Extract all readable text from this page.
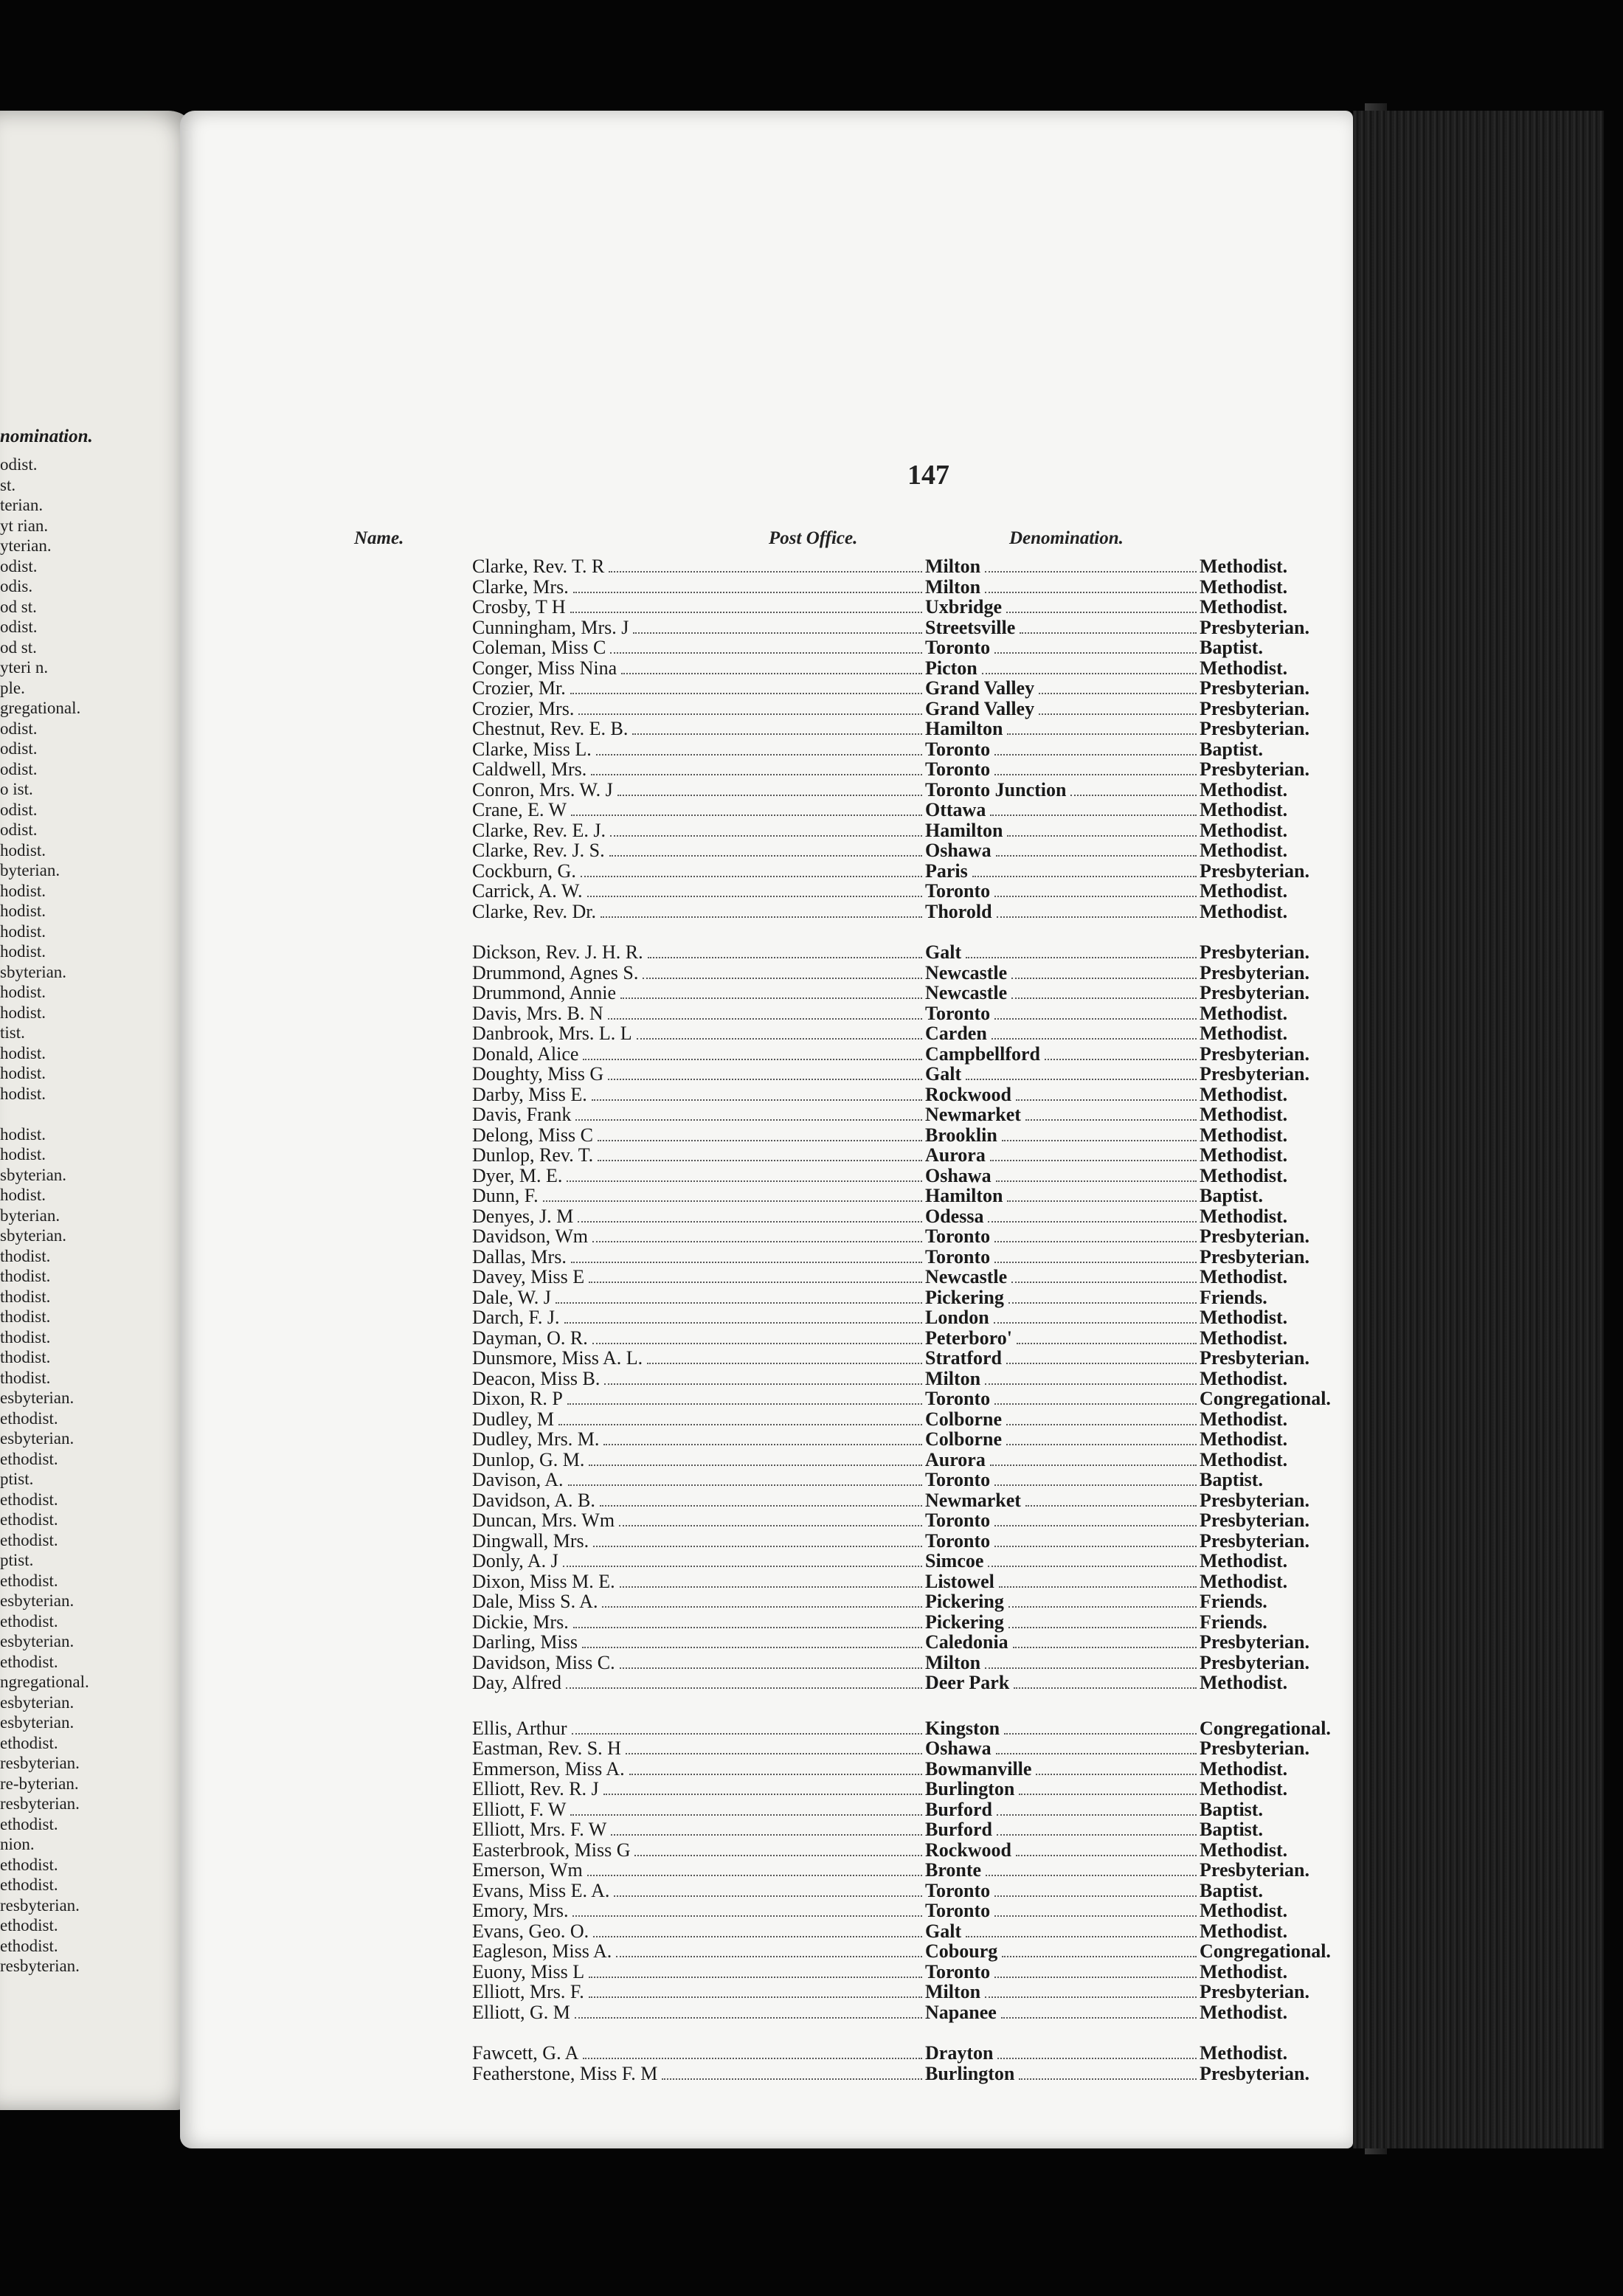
nomination.
odist.
st.
terian.
yt rian.
yterian.
odist.
odis.
od st.
odist.
od st.
yteri n.
ple.
gregational.
odist.
odist.
odist.
o ist.
odist.
odist.
hodist.
byterian.
hodist.
hodist.
hodist.
hodist.
sbyterian.
hodist.
hodist.
tist.
hodist.
hodist.
hodist.
hodist.
hodist.
sbyterian.
hodist.
byterian.
sbyterian.
thodist.
thodist.
thodist.
thodist.
thodist.
thodist.
thodist.
esbyterian.
ethodist.
esbyterian.
ethodist.
ptist.
ethodist.
ethodist.
ethodist.
ptist.
ethodist.
esbyterian.
ethodist.
esbyterian.
ethodist.
ngregational.
esbyterian.
esbyterian.
ethodist.
resbyterian.
re-byterian.
resbyterian.
ethodist.
nion.
ethodist.
ethodist.
resbyterian.
ethodist.
ethodist.
resbyterian.
147
Name.	Post Office.	Denomination.
Clarke, Rev. T. R	Milton	Methodist.
Clarke, Mrs.	Milton	Methodist.
Crosby, T H	Uxbridge	Methodist.
Cunningham, Mrs. J	Streetsville	Presbyterian.
Coleman, Miss C	Toronto	Baptist.
Conger, Miss Nina	Picton	Methodist.
Crozier, Mr.	Grand Valley	Presbyterian.
Crozier, Mrs.	Grand Valley	Presbyterian.
Chestnut, Rev. E. B.	Hamilton	Presbyterian.
Clarke, Miss L.	Toronto	Baptist.
Caldwell, Mrs.	Toronto	Presbyterian.
Conron, Mrs. W. J	Toronto Junction	Methodist.
Crane, E. W	Ottawa	Methodist.
Clarke, Rev. E. J.	Hamilton	Methodist.
Clarke, Rev. J. S.	Oshawa	Methodist.
Cockburn, G.	Paris	Presbyterian.
Carrick, A. W.	Toronto	Methodist.
Clarke, Rev. Dr.	Thorold	Methodist.
Dickson, Rev. J. H. R.	Galt	Presbyterian.
Drummond, Agnes S.	Newcastle	Presbyterian.
Drummond, Annie	Newcastle	Presbyterian.
Davis, Mrs. B. N	Toronto	Methodist.
Danbrook, Mrs. L. L	Carden	Methodist.
Donald, Alice	Campbellford	Presbyterian.
Doughty, Miss G	Galt	Presbyterian.
Darby, Miss E.	Rockwood	Methodist.
Davis, Frank	Newmarket	Methodist.
Delong, Miss C	Brooklin	Methodist.
Dunlop, Rev. T.	Aurora	Methodist.
Dyer, M. E.	Oshawa	Methodist.
Dunn, F.	Hamilton	Baptist.
Denyes, J. M	Odessa	Methodist.
Davidson, Wm	Toronto	Presbyterian.
Dallas, Mrs.	Toronto	Presbyterian.
Davey, Miss E	Newcastle	Methodist.
Dale, W. J	Pickering	Friends.
Darch, F. J.	London	Methodist.
Dayman, O. R.	Peterboro'	Methodist.
Dunsmore, Miss A. L.	Stratford	Presbyterian.
Deacon, Miss B.	Milton	Methodist.
Dixon, R. P	Toronto	Congregational.
Dudley, M	Colborne	Methodist.
Dudley, Mrs. M.	Colborne	Methodist.
Dunlop, G. M.	Aurora	Methodist.
Davison, A.	Toronto	Baptist.
Davidson, A. B.	Newmarket	Presbyterian.
Duncan, Mrs. Wm	Toronto	Presbyterian.
Dingwall, Mrs.	Toronto	Presbyterian.
Donly, A. J	Simcoe	Methodist.
Dixon, Miss M. E.	Listowel	Methodist.
Dale, Miss S. A.	Pickering	Friends.
Dickie, Mrs.	Pickering	Friends.
Darling, Miss	Caledonia	Presbyterian.
Davidson, Miss C.	Milton	Presbyterian.
Day, Alfred	Deer Park	Methodist.
Ellis, Arthur	Kingston	Congregational.
Eastman, Rev. S. H	Oshawa	Presbyterian.
Emmerson, Miss A.	Bowmanville	Methodist.
Elliott, Rev. R. J	Burlington	Methodist.
Elliott, F. W	Burford	Baptist.
Elliott, Mrs. F. W	Burford	Baptist.
Easterbrook, Miss G	Rockwood	Methodist.
Emerson, Wm	Bronte	Presbyterian.
Evans, Miss E. A.	Toronto	Baptist.
Emory, Mrs.	Toronto	Methodist.
Evans, Geo. O.	Galt	Methodist.
Eagleson, Miss A.	Cobourg	Congregational.
Euony, Miss L	Toronto	Methodist.
Elliott, Mrs. F.	Milton	Presbyterian.
Elliott, G. M	Napanee	Methodist.
Fawcett, G. A	Drayton	Methodist.
Featherstone, Miss F. M	Burlington	Presbyterian.
